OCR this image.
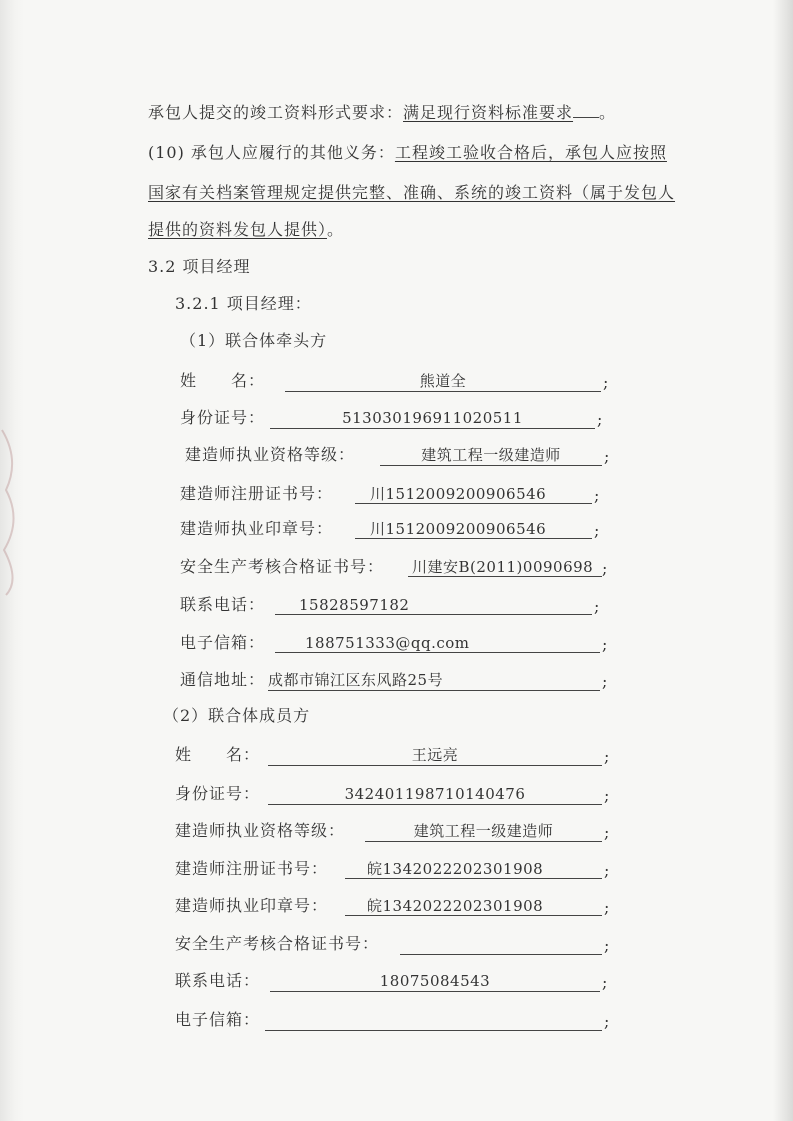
承包人提交的竣工资料形式要求：满足现行资料标准要求 。
(10) 承包人应履行的其他义务：工程竣工验收合格后，承包人应按照
国家有关档案管理规定提供完整、准确、系统的竣工资料（属于发包人
提供的资料发包人提供）。
3.2 项目经理
3.2.1 项目经理：
（1）联合体牵头方
姓　　名：	熊道全	;
身份证号：	513030196911020511	;
建造师执业资格等级：	建筑工程一级建造师	;
建造师注册证书号：	川1512009200906546	;
建造师执业印章号：	川1512009200906546	;
安全生产考核合格证书号： 川建安B(2011)0090698 ;
联系电话：	15828597182	;
电子信箱：	188751333@qq.com	;
通信地址： 成都市锦江区东风路25号	;
（2）联合体成员方
姓　　名：	王远亮	;
身份证号：	342401198710140476	;
建造师执业资格等级：	建筑工程一级建造师	;
建造师注册证书号：	皖1342022202301908	;
建造师执业印章号：	皖1342022202301908	;
安全生产考核合格证书号：	;
联系电话：	18075084543	;
电子信箱：	;
